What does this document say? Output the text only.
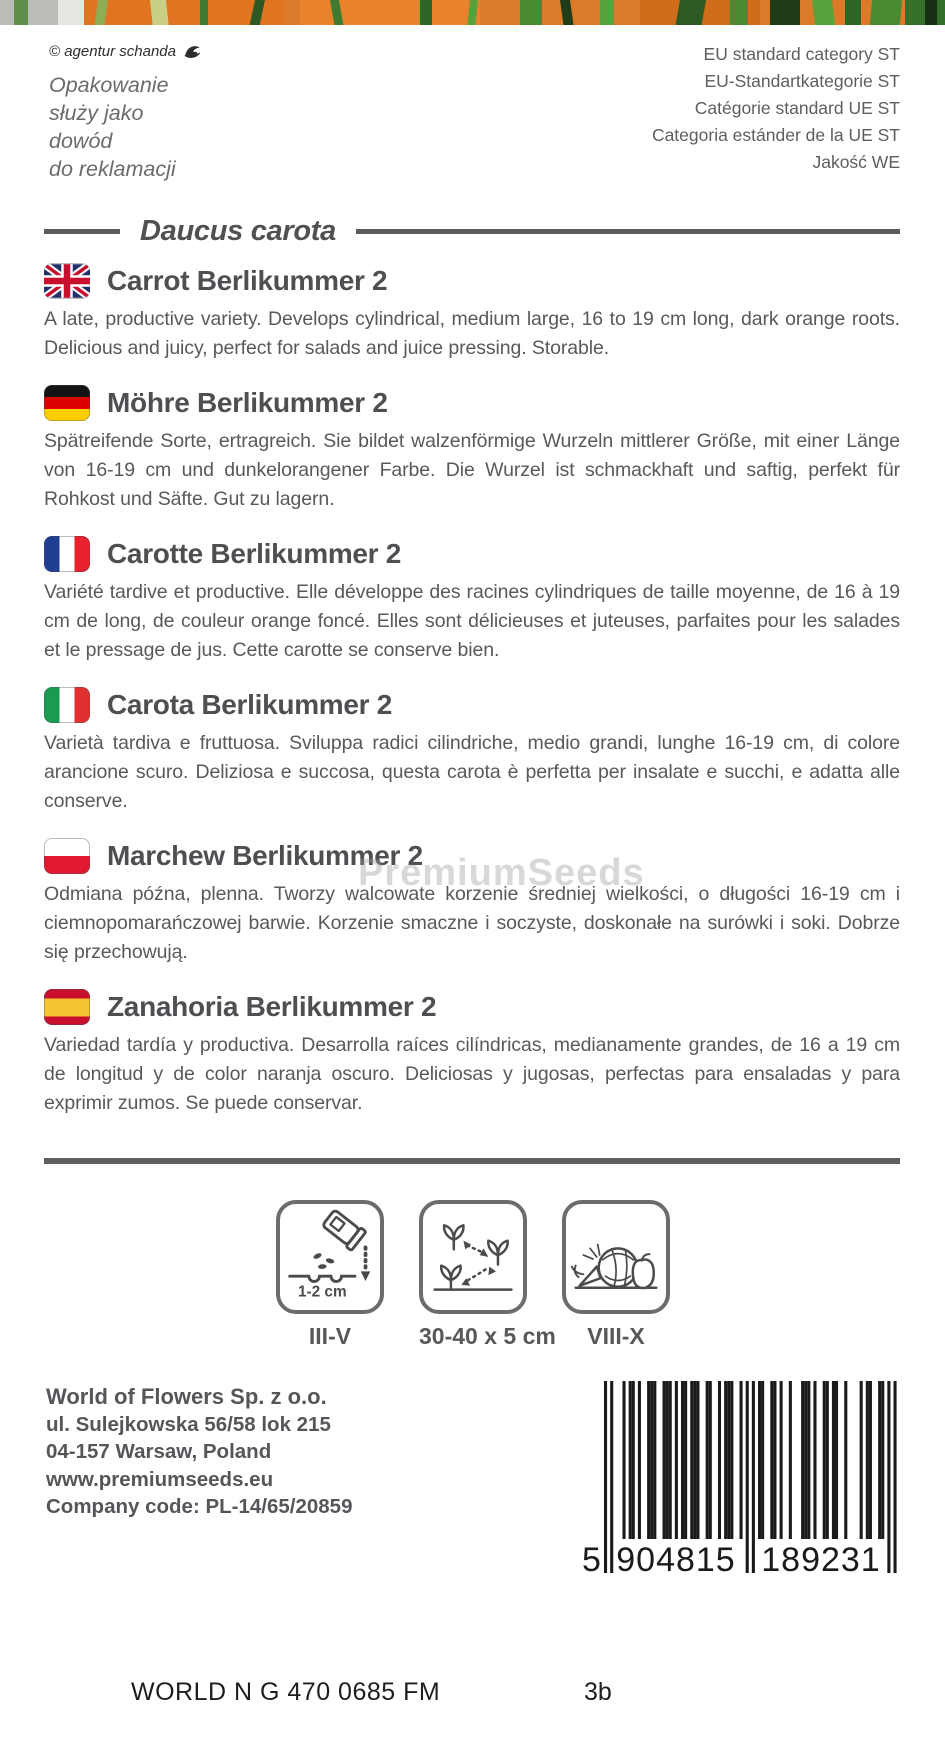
© agentur schanda
Opakowanie
służy jako
dowód
do reklamacji
EU standard category ST
EU-Standartkategorie ST
Catégorie standard UE ST
Categoria estánder de la UE ST
Jakość WE
Daucus carota
Carrot Berlikummer 2
A late, productive variety. Develops cylindrical, medium large, 16 to 19 cm long, dark orange roots. Delicious and juicy, perfect for salads and juice pressing. Storable.
Möhre Berlikummer 2
Spätreifende Sorte, ertragreich. Sie bildet walzenförmige Wurzeln mittlerer Größe, mit einer Länge von 16-19 cm und dunkelorangener Farbe. Die Wurzel ist schmackhaft und saftig, perfekt für Rohkost und Säfte. Gut zu lagern.
Carotte Berlikummer 2
Variété tardive et productive. Elle développe des racines cylindriques de taille moyenne, de 16 à 19 cm de long, de couleur orange foncé. Elles sont délicieuses et juteuses, parfaites pour les salades et le pressage de jus. Cette carotte se conserve bien.
Carota Berlikummer 2
Varietà tardiva e fruttuosa. Sviluppa radici cilindriche, medio grandi, lunghe 16-19 cm, di colore arancione scuro. Deliziosa e succosa, questa carota è perfetta per insalate e succhi, e adatta alle conserve.
Marchew Berlikummer 2
Odmiana późna, plenna. Tworzy walcowate korzenie średniej wielkości, o długości 16-19 cm i ciemnopomarańczowej barwie. Korzenie smaczne i soczyste, doskonałe na surówki i soki. Dobrze się przechowują.
Zanahoria Berlikummer 2
Variedad tardía y productiva. Desarrolla raíces cilíndricas, medianamente grandes, de 16 a 19 cm de longitud y de color naranja oscuro. Deliciosas y jugosas, perfectas para ensaladas y para exprimir zumos. Se puede conservar.
1-2 cm
III-V	30-40 x 5 cm	VIII-X
World of Flowers Sp. z o.o.
ul. Sulejkowska 56/58 lok 215
04-157 Warsaw, Poland
www.premiumseeds.eu
Company code: PL-14/65/20859
5 904815 189231
PremiumSeeds
WORLD N G 470 0685 FM	3b
